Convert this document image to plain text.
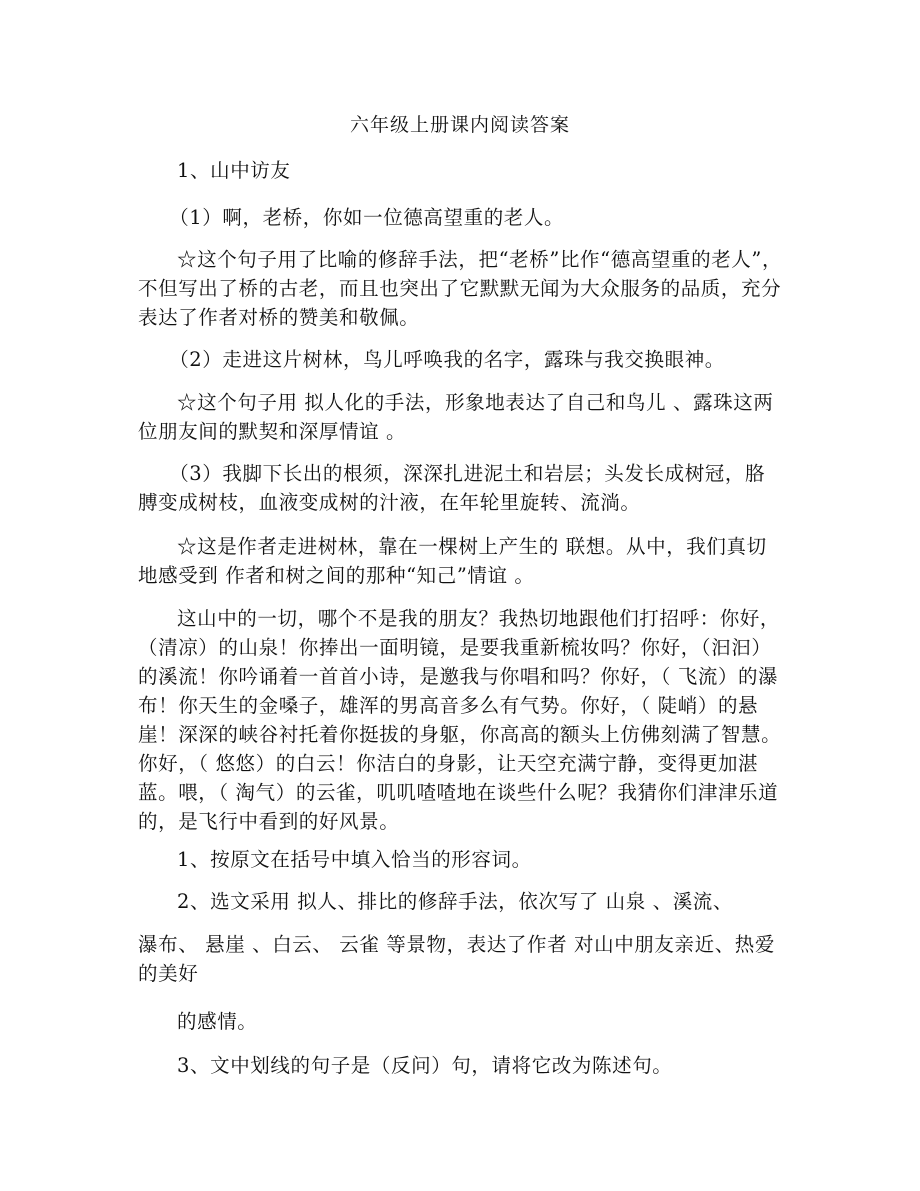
六年级上册课内阅读答案

1、山中访友

（1）啊，老桥，你如一位德高望重的老人。

☆这个句子用了比喻的修辞手法，把“老桥”比作“德高望重的老人”，不但写出了桥的古老，而且也突出了它默默无闻为大众服务的品质，充分表达了作者对桥的赞美和敬佩。

（2）走进这片树林，鸟儿呼唤我的名字，露珠与我交换眼神。

☆这个句子用 拟人化的手法，形象地表达了自己和鸟儿 、露珠这两位朋友间的默契和深厚情谊 。

（3）我脚下长出的根须，深深扎进泥土和岩层；头发长成树冠，胳膊变成树枝，血液变成树的汁液，在年轮里旋转、流淌。

☆这是作者走进树林，靠在一棵树上产生的 联想。从中，我们真切地感受到 作者和树之间的那种“知己”情谊 。

这山中的一切，哪个不是我的朋友？我热切地跟他们打招呼：你好，（清凉）的山泉！你捧出一面明镜，是要我重新梳妆吗？你好，（汩汩）的溪流！你吟诵着一首首小诗，是邀我与你唱和吗？你好，（ 飞流）的瀑布！你天生的金嗓子，雄浑的男高音多么有气势。你好，（ 陡峭）的悬崖！深深的峡谷衬托着你挺拔的身躯，你高高的额头上仿佛刻满了智慧。你好，（ 悠悠）的白云！你洁白的身影，让天空充满宁静，变得更加湛蓝。喂，（ 淘气）的云雀，叽叽喳喳地在谈些什么呢？我猜你们津津乐道的，是飞行中看到的好风景。

1、按原文在括号中填入恰当的形容词。

2、选文采用 拟人、排比的修辞手法，依次写了 山泉 、溪流、

瀑布、 悬崖 、白云、 云雀 等景物，表达了作者 对山中朋友亲近、热爱的美好

的感情。

3、文中划线的句子是（反问）句，请将它改为陈述句。
